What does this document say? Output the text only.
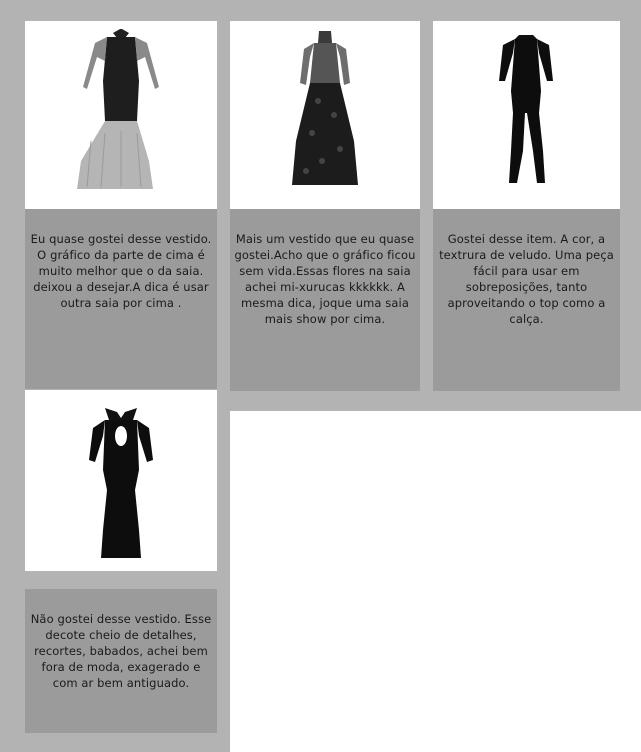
Eu quase gostei desse vestido. O gráfico da parte de cima é muito melhor que o da saia. deixou a desejar.A dica é usar outra saia por cima .
Mais um vestido que eu quase gostei.Acho que o gráfico ficou sem vida.Essas flores na saia achei mi-xurucas kkkkkk. A mesma dica, joque uma saia mais show por cima.
Gostei desse item. A cor, a textrura de veludo. Uma peça fácil para usar em sobreposições, tanto aproveitando o top como a calça.
Não gostei desse vestido. Esse decote cheio de detalhes, recortes, babados, achei bem fora de moda, exagerado e com ar bem antiguado.
